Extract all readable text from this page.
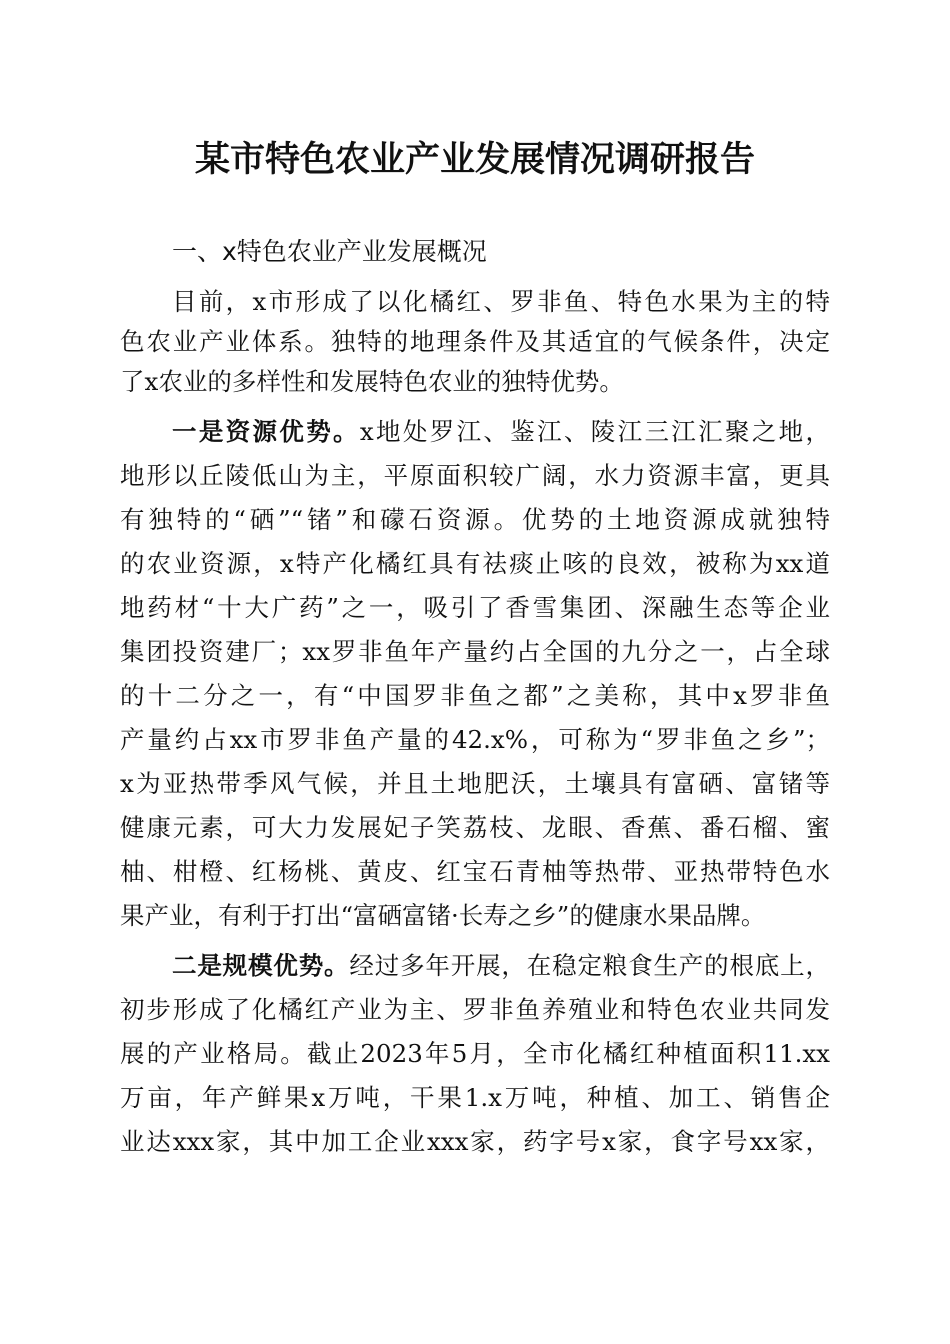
某市特色农业产业发展情况调研报告
一、x特色农业产业发展概况
目前，x市形成了以化橘红、罗非鱼、特色水果为主的特
色农业产业体系。独特的地理条件及其适宜的气候条件，决定
了x农业的多样性和发展特色农业的独特优势。
一是资源优势。x地处罗江、鉴江、陵江三江汇聚之地，
地形以丘陵低山为主，平原面积较广阔，水力资源丰富，更具
有独特的“硒”“锗”和礞石资源。优势的土地资源成就独特
的农业资源，x特产化橘红具有祛痰止咳的良效，被称为xx道
地药材“十大广药”之一，吸引了香雪集团、深融生态等企业
集团投资建厂；xx罗非鱼年产量约占全国的九分之一，占全球
的十二分之一，有“中国罗非鱼之都”之美称，其中x罗非鱼
产量约占xx市罗非鱼产量的42.x%，可称为“罗非鱼之乡”；
x为亚热带季风气候，并且土地肥沃，土壤具有富硒、富锗等
健康元素，可大力发展妃子笑荔枝、龙眼、香蕉、番石榴、蜜
柚、柑橙、红杨桃、黄皮、红宝石青柚等热带、亚热带特色水
果产业，有利于打出“富硒富锗·长寿之乡”的健康水果品牌。
二是规模优势。经过多年开展，在稳定粮食生产的根底上，
初步形成了化橘红产业为主、罗非鱼养殖业和特色农业共同发
展的产业格局。截止2023年5月，全市化橘红种植面积11.xx
万亩，年产鲜果x万吨，干果1.x万吨，种植、加工、销售企
业达xxx家，其中加工企业xxx家，药字号x家，食字号xx家，
